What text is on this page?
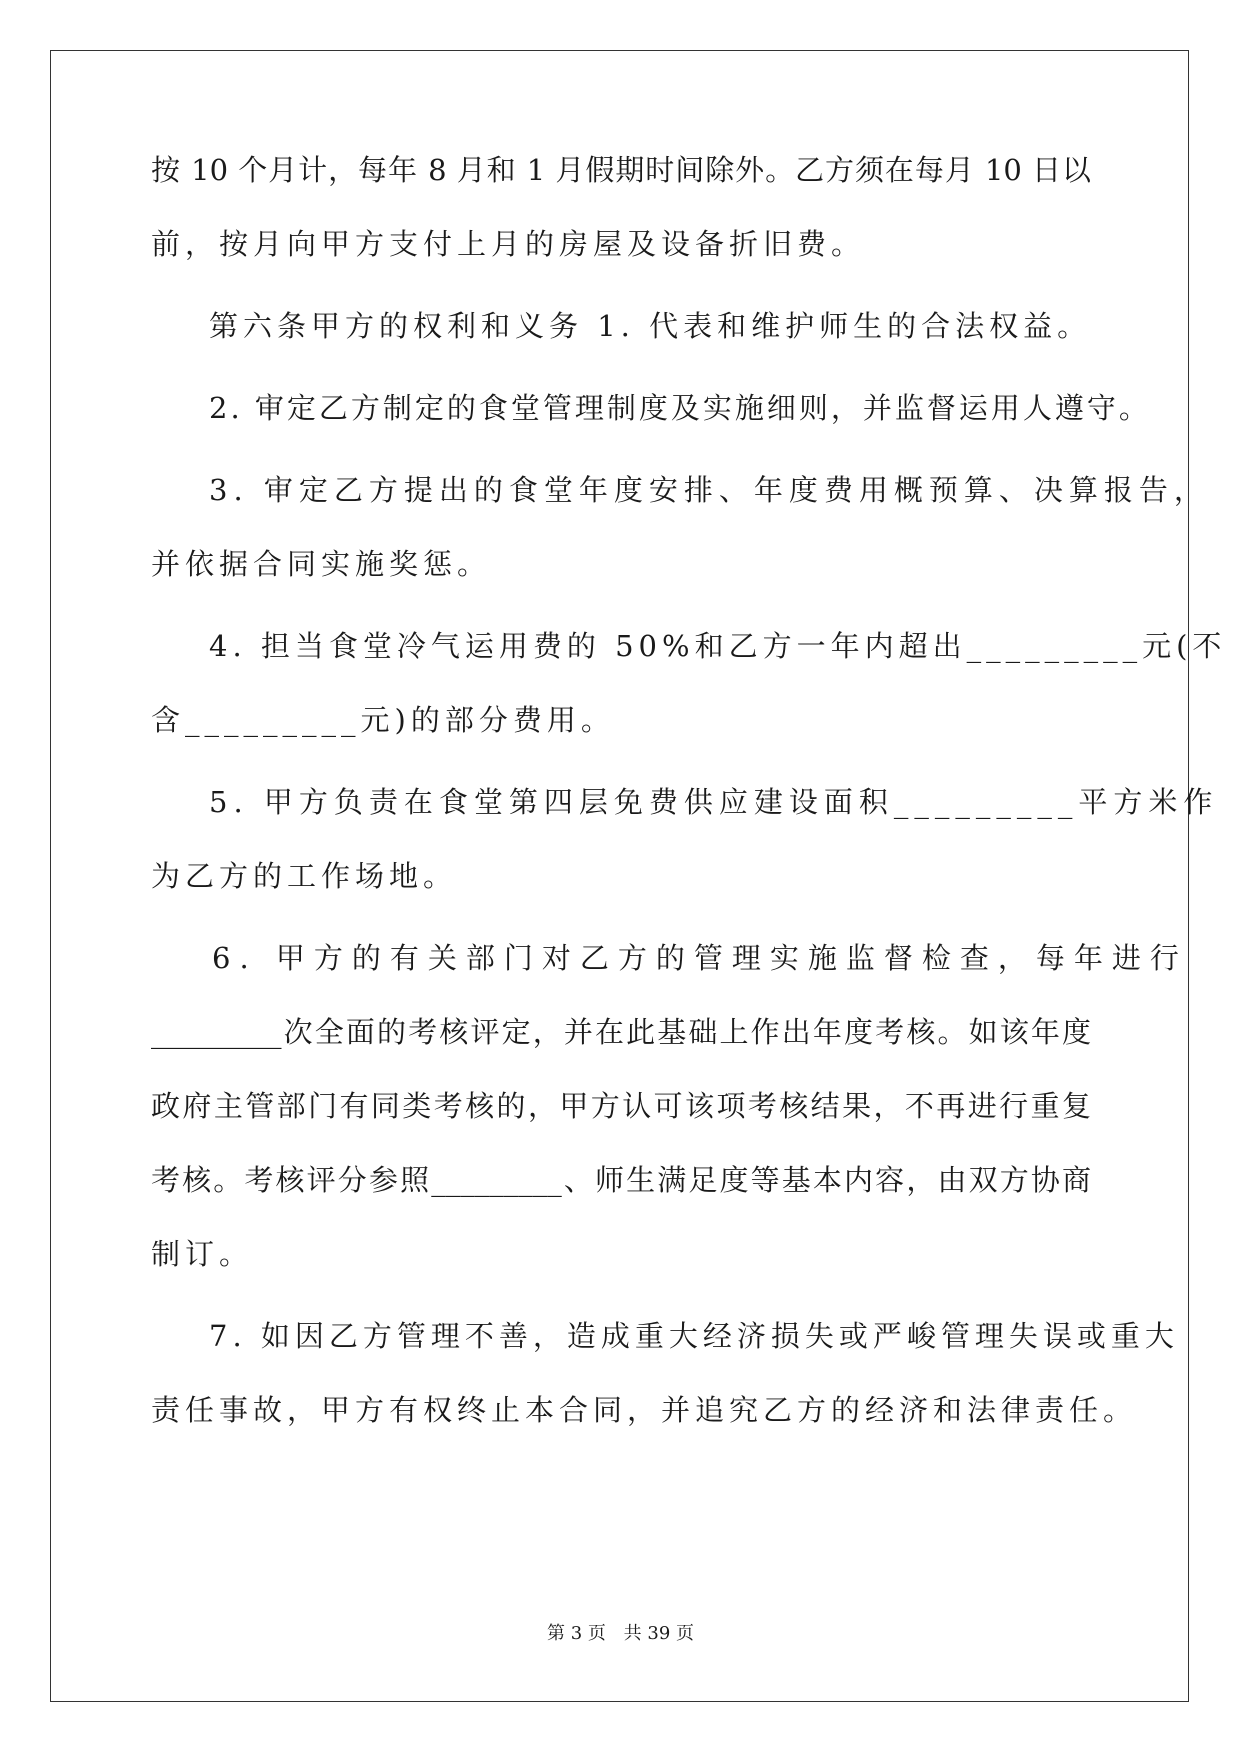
按 10 个月计，每年 8 月和 1 月假期时间除外。乙方须在每月 10 日以
前，按月向甲方支付上月的房屋及设备折旧费。
第六条甲方的权利和义务 1. 代表和维护师生的合法权益。
2. 审定乙方制定的食堂管理制度及实施细则，并监督运用人遵守。
3. 审定乙方提出的食堂年度安排、年度费用概预算、决算报告，
并依据合同实施奖惩。
4. 担当食堂冷气运用费的 50%和乙方一年内超出_________元(不
含_________元)的部分费用。
5. 甲方负责在食堂第四层免费供应建设面积_________平方米作
为乙方的工作场地。
6. 甲方的有关部门对乙方的管理实施监督检查，每年进行
_________次全面的考核评定，并在此基础上作出年度考核。如该年度
政府主管部门有同类考核的，甲方认可该项考核结果，不再进行重复
考核。考核评分参照_________、师生满足度等基本内容，由双方协商
制订。
7. 如因乙方管理不善，造成重大经济损失或严峻管理失误或重大
责任事故，甲方有权终止本合同，并追究乙方的经济和法律责任。
第 3 页 共 39 页
